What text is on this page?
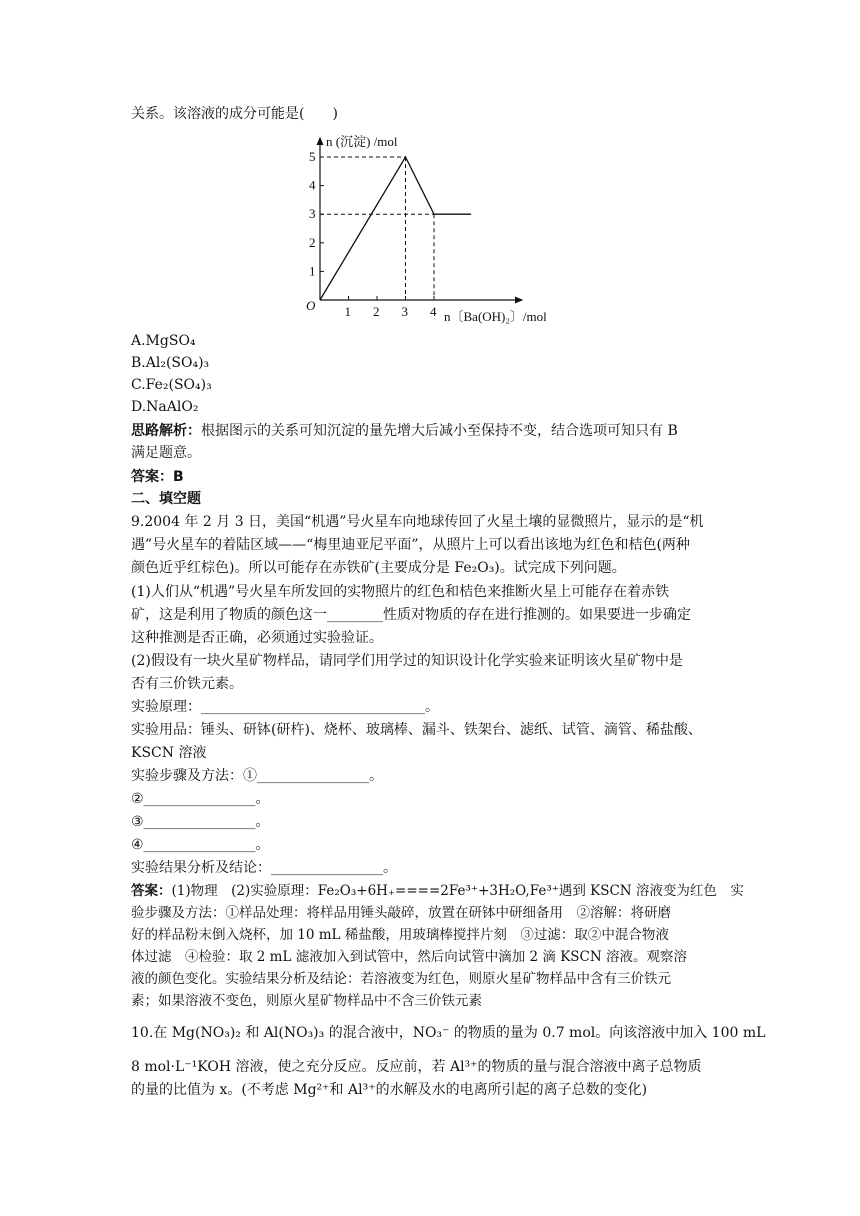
关系。该溶液的成分可能是(　　)
1
2
3
4
5
1 2 3 4
O
n (沉淀) /mol
n〔Ba(OH)₂〕/mol
A.MgSO₄
B.Al₂(SO₄)₃
C.Fe₂(SO₄)₃
D.NaAlO₂
思路解析：根据图示的关系可知沉淀的量先增大后减小至保持不变，结合选项可知只有 B
满足题意。
答案：B
二、填空题
9.2004 年 2 月 3 日，美国“机遇”号火星车向地球传回了火星土壤的显微照片，显示的是“机
遇”号火星车的着陆区域——“梅里迪亚尼平面”，从照片上可以看出该地为红色和桔色(两种
颜色近乎红棕色)。所以可能存在赤铁矿(主要成分是 Fe₂O₃)。试完成下列问题。
(1)人们从“机遇”号火星车所发回的实物照片的红色和桔色来推断火星上可能存在着赤铁
矿，这是利用了物质的颜色这一________性质对物质的存在进行推测的。如果要进一步确定
这种推测是否正确，必须通过实验验证。
(2)假设有一块火星矿物样品，请同学们用学过的知识设计化学实验来证明该火星矿物中是
否有三价铁元素。
实验原理：________________________________。
实验用品：锤头、研钵(研杵)、烧杯、玻璃棒、漏斗、铁架台、滤纸、试管、滴管、稀盐酸、
KSCN 溶液
实验步骤及方法：①________________。
②________________。
③________________。
④________________。
实验结果分析及结论：________________。
答案：(1)物理　(2)实验原理：Fe₂O₃+6H₊====2Fe³⁺+3H₂O,Fe³⁺遇到 KSCN 溶液变为红色　实
验步骤及方法：①样品处理：将样品用锤头敲碎，放置在研钵中研细备用　②溶解：将研磨
好的样品粉末倒入烧杯，加 10 mL 稀盐酸，用玻璃棒搅拌片刻　③过滤：取②中混合物液
体过滤　④检验：取 2 mL 滤液加入到试管中，然后向试管中滴加 2 滴 KSCN 溶液。观察溶
液的颜色变化。实验结果分析及结论：若溶液变为红色，则原火星矿物样品中含有三价铁元
素；如果溶液不变色，则原火星矿物样品中不含三价铁元素
10.在 Mg(NO₃)₂ 和 Al(NO₃)₃ 的混合液中，NO₃⁻ 的物质的量为 0.7 mol。向该溶液中加入 100 mL
8 mol·L⁻¹KOH 溶液，使之充分反应。反应前，若 Al³⁺的物质的量与混合溶液中离子总物质
的量的比值为 x。(不考虑 Mg²⁺和 Al³⁺的水解及水的电离所引起的离子总数的变化)
